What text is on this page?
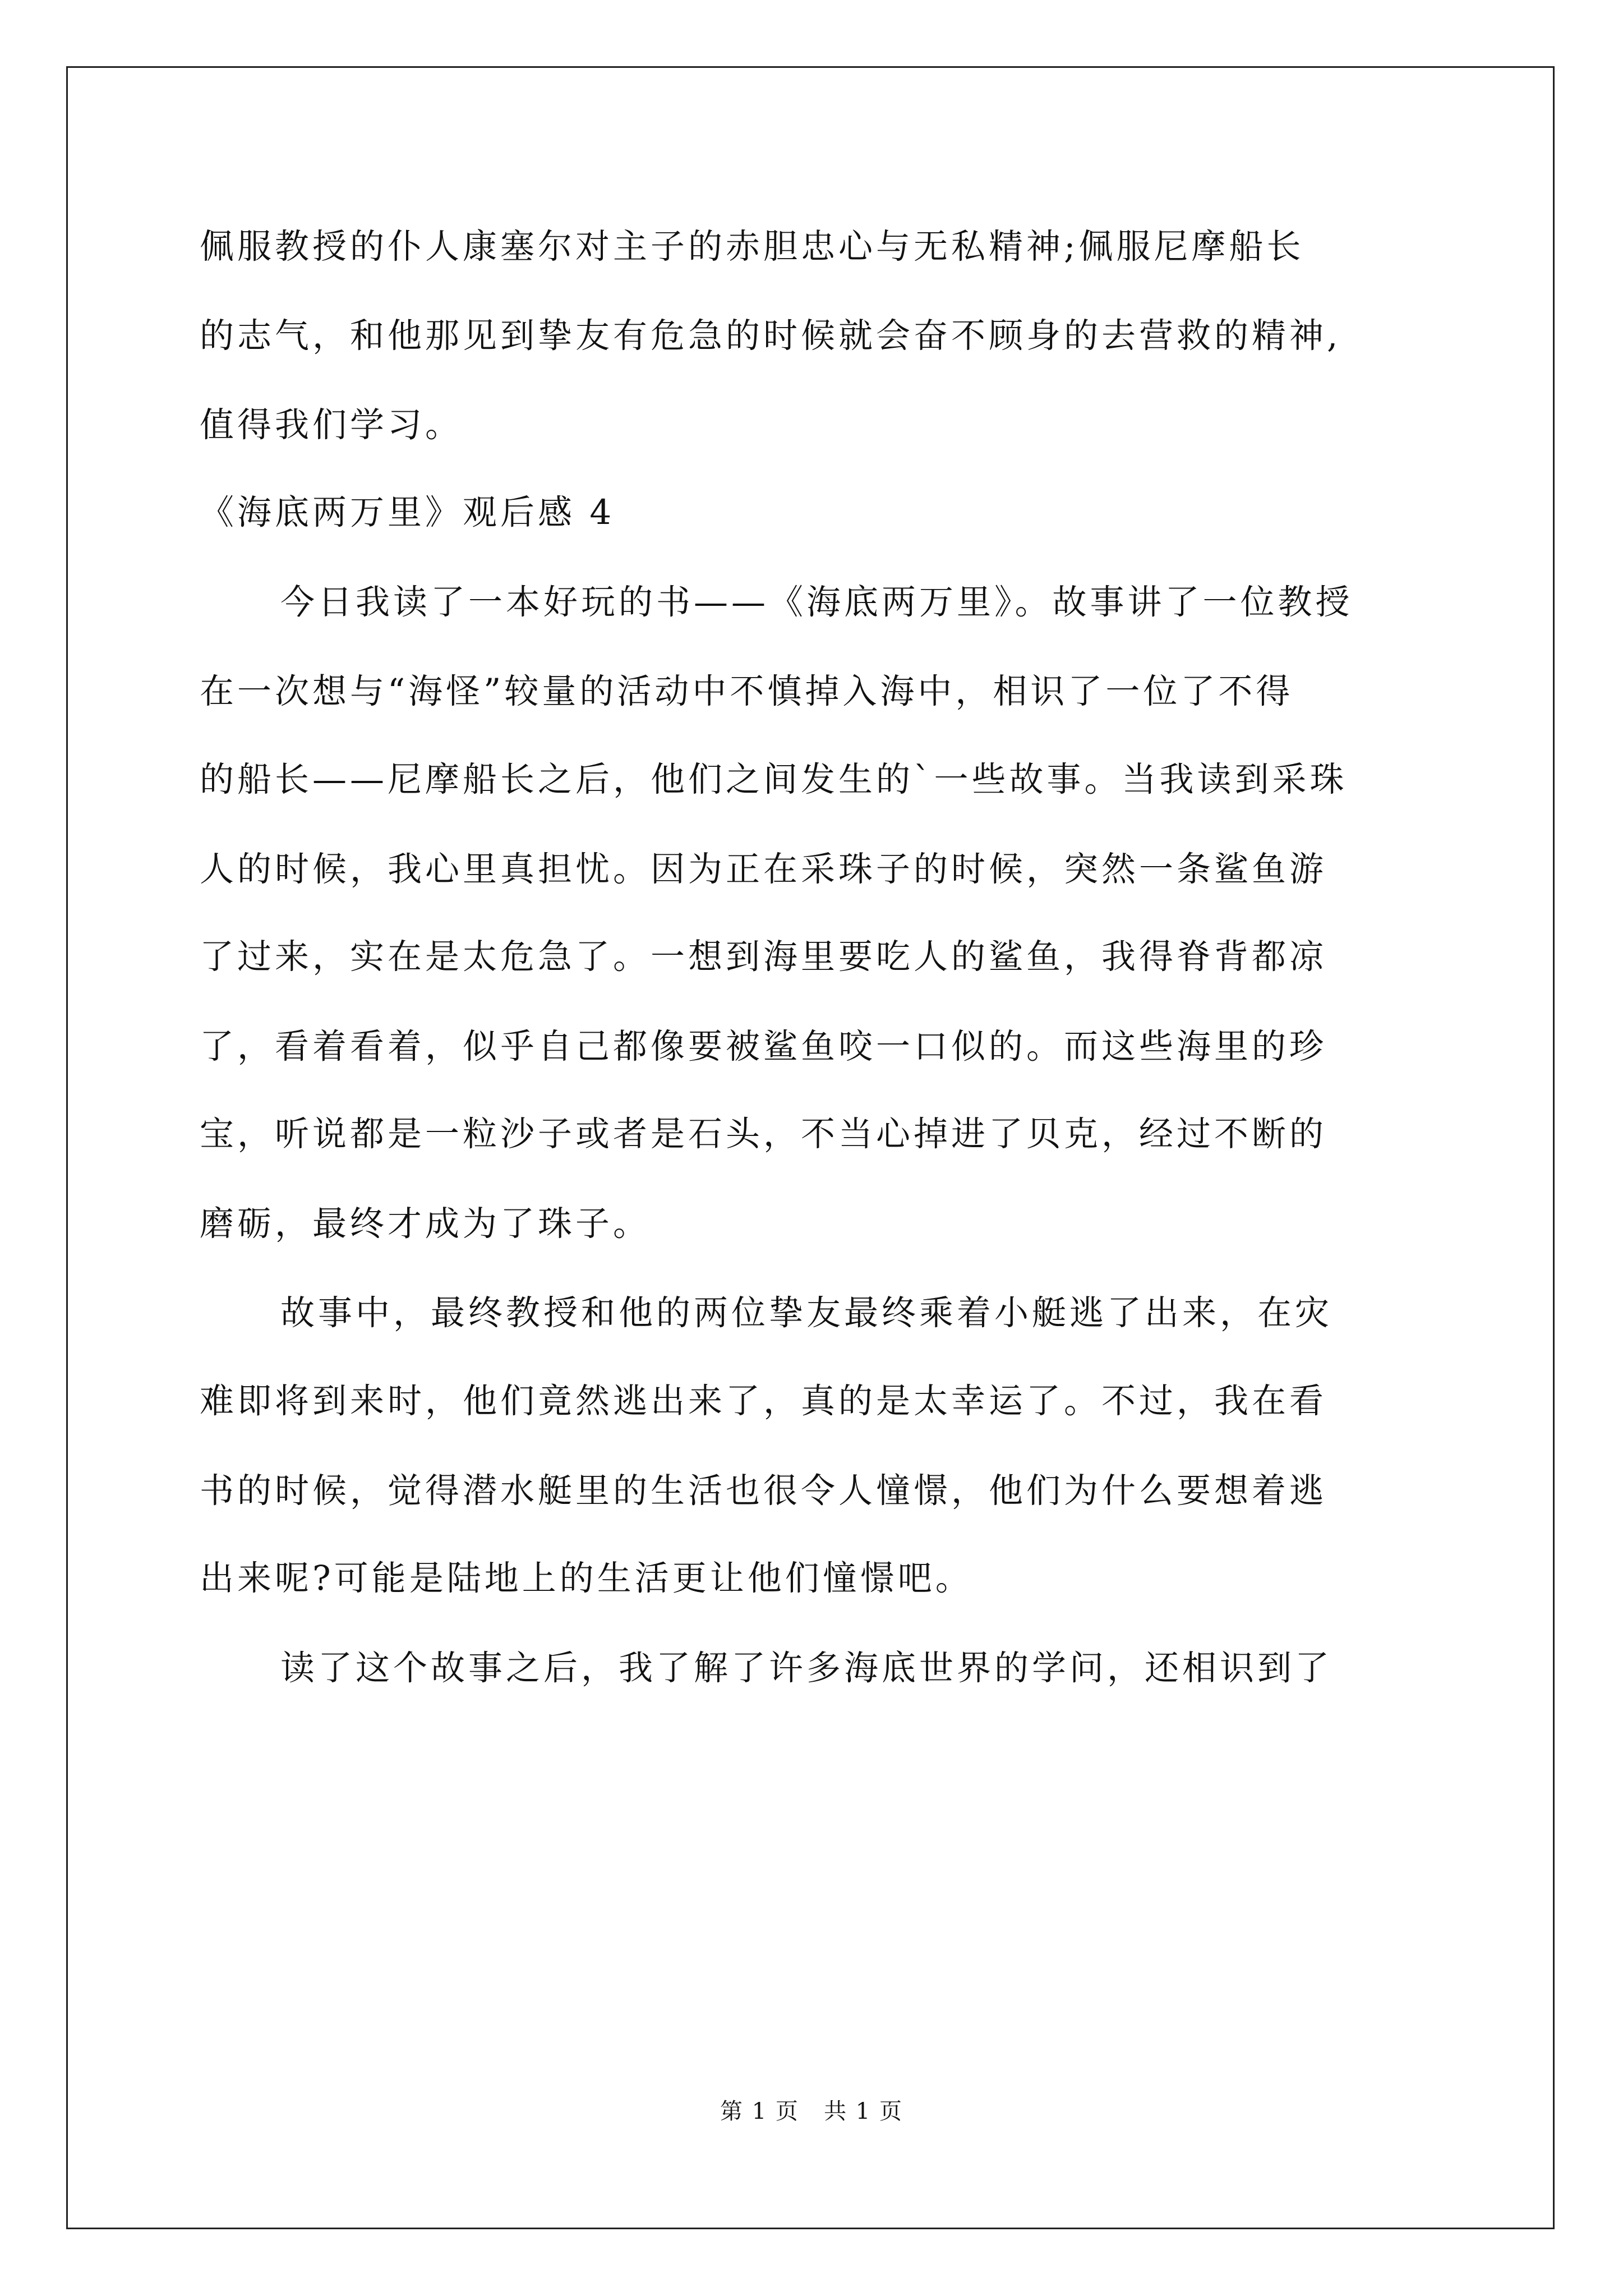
佩服教授的仆人康塞尔对主子的赤胆忠心与无私精神;佩服尼摩船长
的志气，和他那见到挚友有危急的时候就会奋不顾身的去营救的精神,
值得我们学习。
《海底两万里》观后感 4
今日我读了一本好玩的书——《海底两万里》。故事讲了一位教授
在一次想与“海怪”较量的活动中不慎掉入海中，相识了一位了不得
的船长——尼摩船长之后，他们之间发生的`一些故事。当我读到采珠
人的时候，我心里真担忧。因为正在采珠子的时候，突然一条鲨鱼游
了过来，实在是太危急了。一想到海里要吃人的鲨鱼，我得脊背都凉
了，看着看着，似乎自己都像要被鲨鱼咬一口似的。而这些海里的珍
宝，听说都是一粒沙子或者是石头，不当心掉进了贝克，经过不断的
磨砺，最终才成为了珠子。
故事中，最终教授和他的两位挚友最终乘着小艇逃了出来，在灾
难即将到来时，他们竟然逃出来了，真的是太幸运了。不过，我在看
书的时候，觉得潜水艇里的生活也很令人憧憬，他们为什么要想着逃
出来呢?可能是陆地上的生活更让他们憧憬吧。
读了这个故事之后，我了解了许多海底世界的学问，还相识到了
第 1 页   共 1 页
